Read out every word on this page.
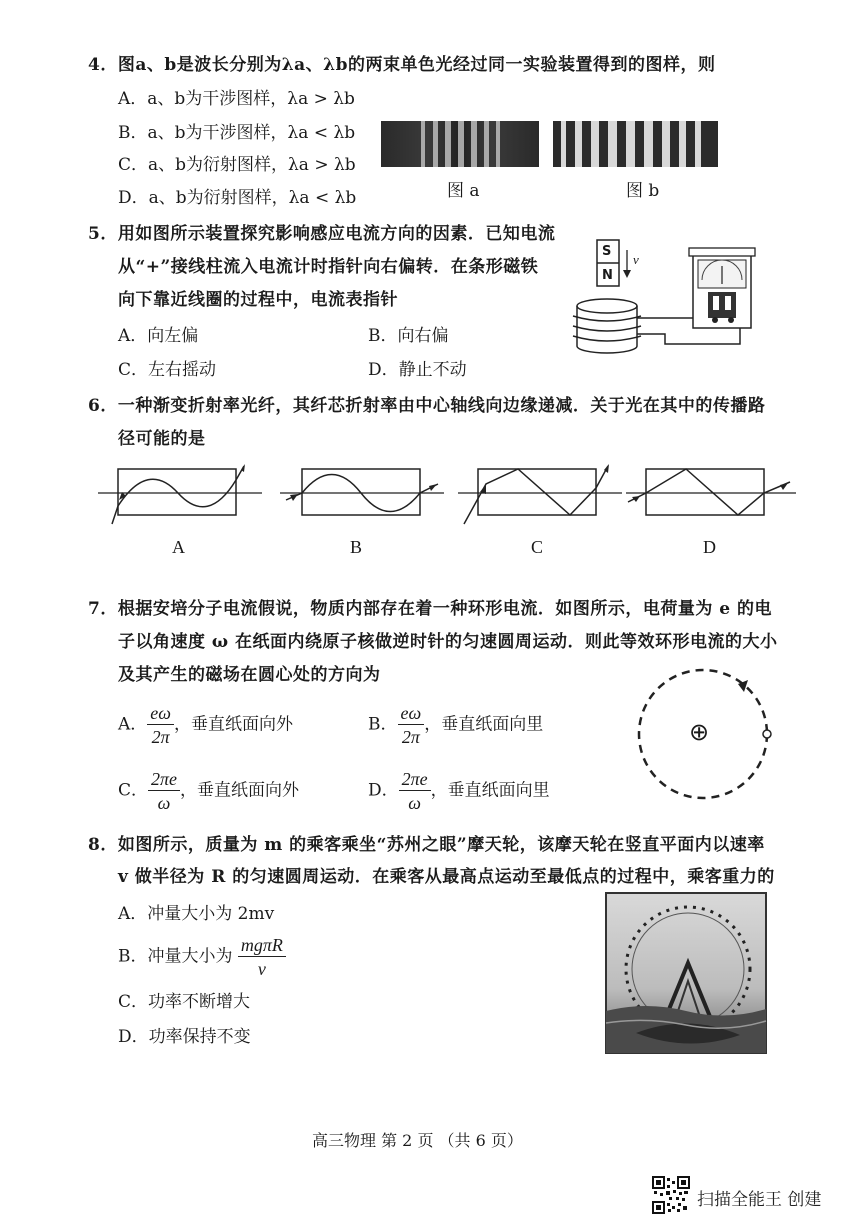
4．图a、b是波长分别为λa、λb的两束单色光经过同一实验装置得到的图样，则
A．a、b为干涉图样，λa > λb
B．a、b为干涉图样，λa < λb
C．a、b为衍射图样，λa > λb
D．a、b为衍射图样，λa < λb	图 a	图 b
5．用如图所示装置探究影响感应电流方向的因素．已知电流
从“+”接线柱流入电流计时指针向右偏转．在条形磁铁
向下靠近线圈的过程中，电流表指针
A．向左偏	B．向右偏
C．左右摇动	D．静止不动
S
N
v
6．一种渐变折射率光纤，其纤芯折射率由中心轴线向边缘递减．关于光在其中的传播路
径可能的是
A	B	C	D
7．根据安培分子电流假说，物质内部存在着一种环形电流．如图所示，电荷量为 e 的电
子以角速度 ω 在纸面内绕原子核做逆时针的匀速圆周运动．则此等效环形电流的大小
及其产生的磁场在圆心处的方向为
A． $\frac{e\omega}{2\pi}$ ，垂直纸面向外	B． $\frac{e\omega}{2\pi}$ ，垂直纸面向里
C． $\frac{2\pi e}{\omega}$ ，垂直纸面向外	D． $\frac{2\pi e}{\omega}$ ，垂直纸面向里
⊕
8．如图所示，质量为 m 的乘客乘坐“苏州之眼”摩天轮，该摩天轮在竖直平面内以速率
v 做半径为 R 的匀速圆周运动．在乘客从最高点运动至最低点的过程中，乘客重力的
A．冲量大小为 2mv
B．冲量大小为 $\frac{\text{mgπR}}{v}$
C．功率不断增大
D．功率保持不变
高三物理 第 2 页 （共 6 页）
扫描全能王 创建
